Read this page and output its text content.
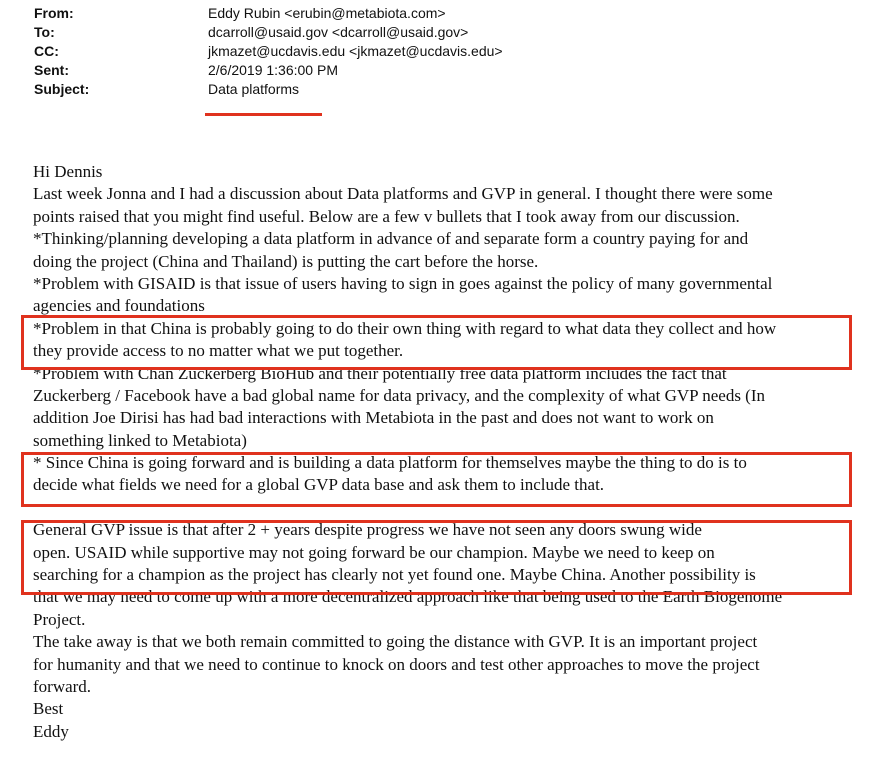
From:	Eddy Rubin <erubin@metabiota.com>
To:	dcarroll@usaid.gov <dcarroll@usaid.gov>
CC:	jkmazet@ucdavis.edu <jkmazet@ucdavis.edu>
Sent:	2/6/2019 1:36:00 PM
Subject:	Data platforms
Hi Dennis
Last week Jonna and I had a discussion about Data platforms and GVP in general. I thought there were some
points raised that you might find useful. Below are a few v bullets that I took away from our discussion.
*Thinking/planning developing a data platform in advance of and separate form a country paying for and
doing the project (China and Thailand) is putting the cart before the horse.
*Problem with GISAID is that issue of users having to sign in goes against the policy of many governmental
agencies and foundations
*Problem in that China is probably going to do their own thing with regard to what data they collect and how
they provide access to no matter what we put together.
*Problem with Chan Zuckerberg BioHub and their potentially free data platform includes the fact that
Zuckerberg / Facebook have a bad global name for data privacy, and the complexity of what GVP needs (In
addition Joe Dirisi has had bad interactions with Metabiota in the past and does not want to work on
something linked to Metabiota)
* Since China is going forward and is building a data platform for themselves maybe the thing to do is to
decide what fields we need for a global GVP data base and ask them to include that.
General GVP issue is that after 2 + years despite progress we have not seen any doors swung wide
open. USAID while supportive may not going forward be our champion. Maybe we need to keep on
searching for a champion as the project has clearly not yet found one. Maybe China. Another possibility is
that we may need to come up with a more decentralized approach like that being used to the Earth Biogenome
Project.
The take away is that we both remain committed to going the distance with GVP. It is an important project
for humanity and that we need to continue to knock on doors and test other approaches to move the project
forward.
Best
Eddy
